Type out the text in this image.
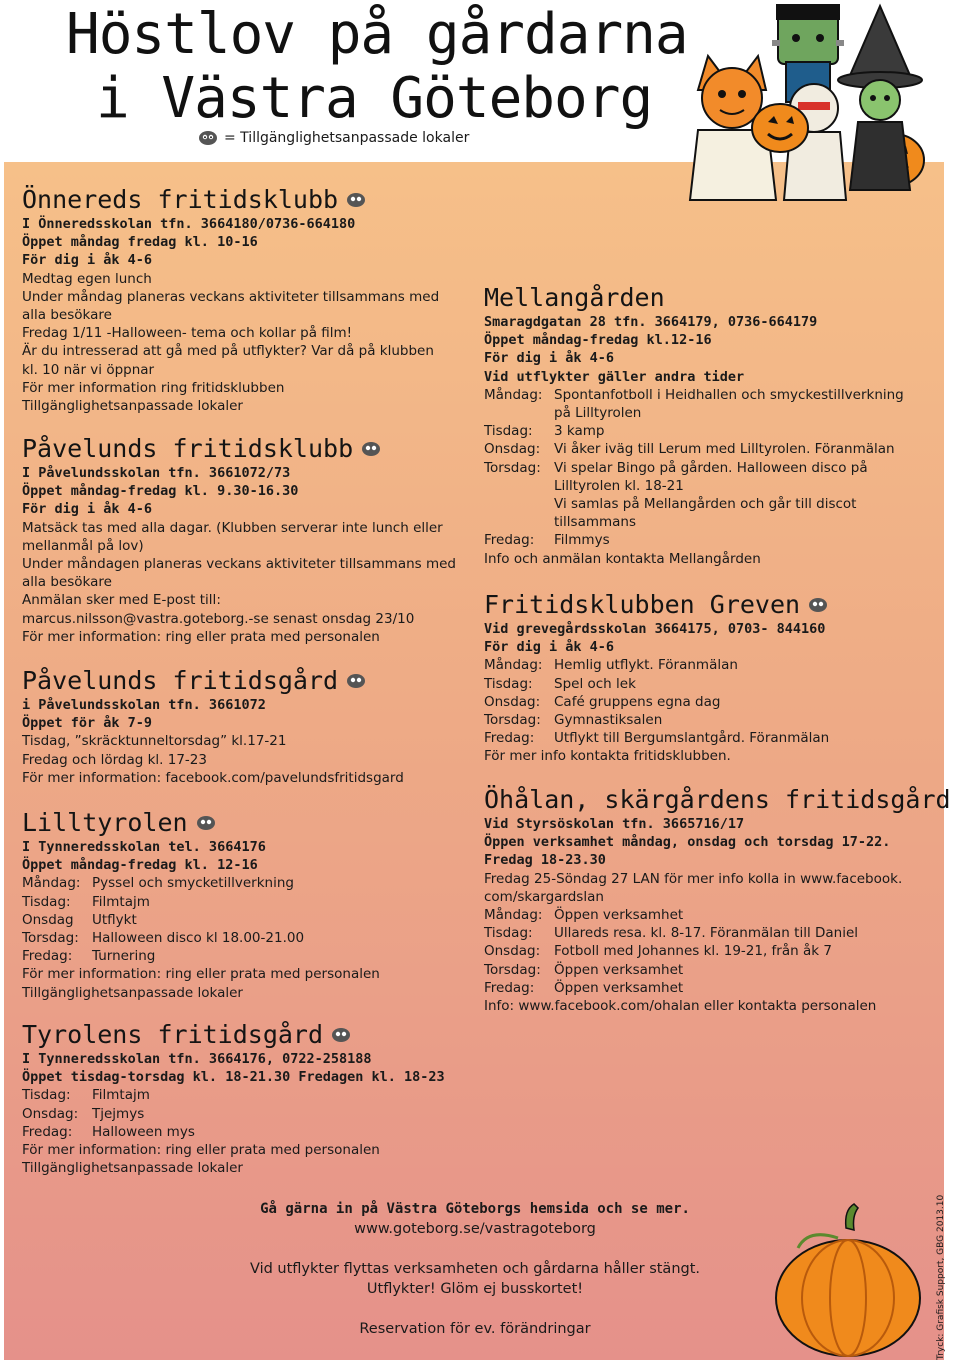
Höstlov på gårdarna
i Västra Göteborg
= Tillgänglighetsanpassade lokaler
Önnereds fritidsklubb
I Önneredsskolan tfn. 3664180/0736-664180
Öppet måndag fredag kl. 10-16
För dig i åk 4-6
Medtag egen lunch
Under måndag planeras veckans aktiviteter tillsammans med
alla besökare
Fredag 1/11 -Halloween- tema och kollar på film!
Är du intresserad att gå med på utflykter? Var då på klubben
kl. 10 när vi öppnar
För mer information ring fritidsklubben
Tillgänglighetsanpassade lokaler
Påvelunds fritidsklubb
I Påvelundsskolan tfn. 3661072/73
Öppet måndag-fredag kl. 9.30-16.30
För dig i åk 4-6
Matsäck tas med alla dagar. (Klubben serverar inte lunch eller
mellanmål på lov)
Under måndagen planeras veckans aktiviteter tillsammans med
alla besökare
Anmälan sker med E-post till:
marcus.nilsson@vastra.goteborg.-se senast onsdag 23/10
För mer information: ring eller prata med personalen
Påvelunds fritidsgård
i Påvelundsskolan tfn. 3661072
Öppet för åk 7-9
Tisdag, ”skräcktunneltorsdag” kl.17-21
Fredag och lördag kl. 17-23
För mer information: facebook.com/pavelundsfritidsgard
Lilltyrolen
I Tynneredsskolan tel. 3664176
Öppet måndag-fredag kl. 12-16
Måndag: Pyssel och smycketillverkning
Tisdag:	Filmtajm
Onsdag	Utflykt
Torsdag: Halloween disco kl 18.00-21.00
Fredag:	Turnering
För mer information: ring eller prata med personalen
Tillgänglighetsanpassade lokaler
Tyrolens fritidsgård
I Tynneredsskolan tfn. 3664176, 0722-258188
Öppet tisdag-torsdag kl. 18-21.30 Fredagen kl. 18-23
Tisdag:	Filmtajm
Onsdag:	Tjejmys
Fredag:	Halloween mys
För mer information: ring eller prata med personalen
Tillgänglighetsanpassade lokaler
Mellangården
Smaragdgatan 28 tfn. 3664179, 0736-664179
Öppet måndag-fredag kl.12-16
För dig i åk 4-6
Vid utflykter gäller andra tider
Måndag: Spontanfotboll i Heidhallen och smyckestillverkning
på Lilltyrolen
Tisdag:	3 kamp
Onsdag:	Vi åker iväg till Lerum med Lilltyrolen. Föranmälan
Torsdag: Vi spelar Bingo på gården. Halloween disco på
Lilltyrolen kl. 18-21
Vi samlas på Mellangården och går till discot
tillsammans
Fredag:	Filmmys
Info och anmälan kontakta Mellangården
Fritidsklubben Greven
Vid grevegårdsskolan 3664175, 0703- 844160
För dig i åk 4-6
Måndag: Hemlig utflykt. Föranmälan
Tisdag:	Spel och lek
Onsdag:	Café gruppens egna dag
Torsdag: Gymnastiksalen
Fredag:	Utflykt till Bergumslantgård. Föranmälan
För mer info kontakta fritidsklubben.
Öhålan, skärgårdens fritidsgård
Vid Styrsöskolan tfn. 3665716/17
Öppen verksamhet måndag, onsdag och torsdag 17-22.
Fredag 18-23.30
Fredag 25-Söndag 27 LAN för mer info kolla in www.facebook.
com/skargardslan
Måndag: Öppen verksamhet
Tisdag:	Ullareds resa. kl. 8-17. Föranmälan till Daniel
Onsdag:	Fotboll med Johannes kl. 19-21, från åk 7
Torsdag: Öppen verksamhet
Fredag:	Öppen verksamhet
Info: www.facebook.com/ohalan eller kontakta personalen
Gå gärna in på Västra Göteborgs hemsida och se mer.
www.goteborg.se/vastragoteborg
Vid utflykter flyttas verksamheten och gårdarna håller stängt.
Utflykter! Glöm ej busskortet!
Reservation för ev. förändringar	Tryck: Grafisk Support, GBG 2013.10
